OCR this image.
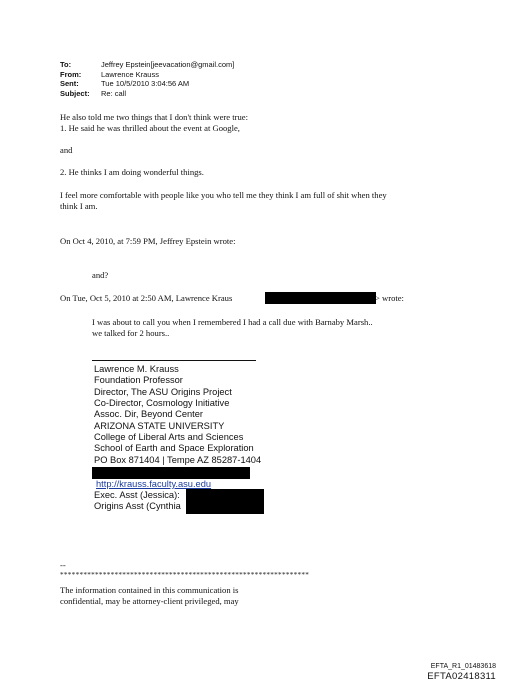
To:	Jeffrey Epstein[jeevacation@gmail.com]
From:	Lawrence Krauss
Sent:	Tue 10/5/2010 3:04:56 AM
Subject:	Re: call
He also told me two things that I don't think were true:
1. He said he was thrilled about the event at Google,
and
2. He thinks I am doing wonderful things.
I feel more comfortable with people like you who tell me they think I am full of shit when they
think I am.
On Oct 4, 2010, at 7:59 PM, Jeffrey Epstein wrote:
and?
On Tue, Oct 5, 2010 at 2:50 AM, Lawrence Kraus	> wrote:
I was about to call you when I remembered I had a call due with Barnaby Marsh..
we talked for 2 hours..
Lawrence M. Krauss
Foundation Professor
Director, The ASU Origins Project
Co-Director, Cosmology Initiative
Assoc. Dir, Beyond Center
ARIZONA STATE UNIVERSITY
College of Liberal Arts and Sciences
School of Earth and Space Exploration
PO Box 871404 | Tempe AZ 85287-1404
http://krauss.faculty.asu.edu
Exec. Asst (Jessica):
Origins Asst (Cynthia
--
****************************************************************
The information contained in this communication is
confidential, may be attorney-client privileged, may
EFTA_R1_01483618
EFTA02418311
